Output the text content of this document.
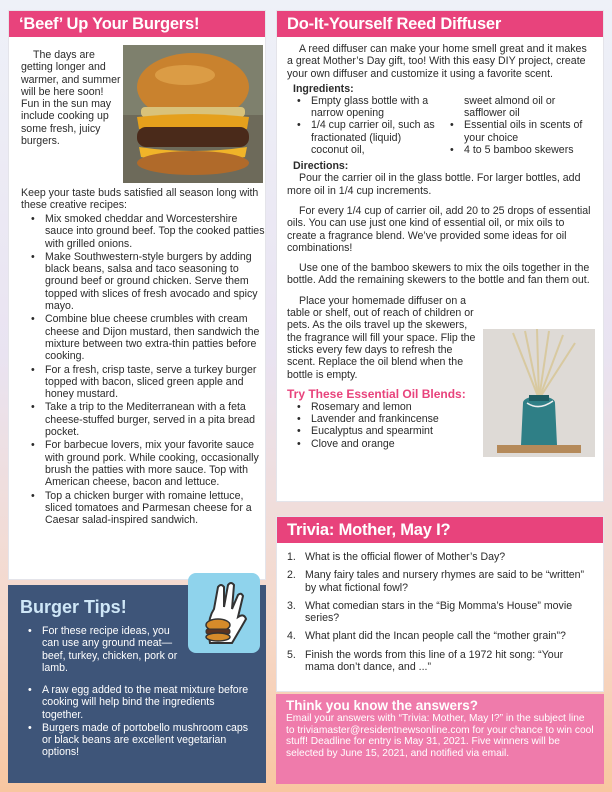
‘Beef’ Up Your Burgers!

The days are getting longer and warmer, and summer will be here soon! Fun in the sun may include cooking up some fresh, juicy burgers.

Keep your taste buds satisfied all season long with these creative recipes:

• Mix smoked cheddar and Worcestershire sauce into ground beef. Top the cooked patties with grilled onions.
• Make Southwestern-style burgers by adding black beans, salsa and taco seasoning to ground beef or ground chicken. Serve them topped with slices of fresh avocado and spicy mayo.
• Combine blue cheese crumbles with cream cheese and Dijon mustard, then sandwich the mixture between two extra-thin patties before cooking.
• For a fresh, crisp taste, serve a turkey burger topped with bacon, sliced green apple and honey mustard.
• Take a trip to the Mediterranean with a feta cheese-stuffed burger, served in a pita bread pocket.
• For barbecue lovers, mix your favorite sauce with ground pork. While cooking, occasionally brush the patties with more sauce. Top with American cheese, bacon and lettuce.
• Top a chicken burger with romaine lettuce, sliced tomatoes and Parmesan cheese for a Caesar salad-inspired sandwich.
Burger Tips!
• For these recipe ideas, you can use any ground meat—beef, turkey, chicken, pork or lamb.
• A raw egg added to the meat mixture before cooking will help bind the ingredients together.
• Burgers made of portobello mushroom caps or black beans are excellent vegetarian options!
Do-It-Yourself Reed Diffuser

A reed diffuser can make your home smell great and it makes a great Mother’s Day gift, too! With this easy DIY project, create your own diffuser and customize it using a favorite scent.

Ingredients:
• Empty glass bottle with a narrow opening
• 1/4 cup carrier oil, such as fractionated (liquid) coconut oil,
sweet almond oil or safflower oil
• Essential oils in scents of your choice
• 4 to 5 bamboo skewers
Directions:

Pour the carrier oil in the glass bottle. For larger bottles, add more oil in 1/4 cup increments.

For every 1/4 cup of carrier oil, add 20 to 25 drops of essential oils. You can use just one kind of essential oil, or mix oils to create a fragrance blend. We’ve provided some ideas for oil combinations!

Use one of the bamboo skewers to mix the oils together in the bottle. Add the remaining skewers to the bottle and fan them out.

Place your homemade diffuser on a table or shelf, out of reach of children or pets. As the oils travel up the skewers, the fragrance will fill your space. Flip the sticks every few days to refresh the scent. Replace the oil blend when the bottle is empty.

Try These Essential Oil Blends:
• Rosemary and lemon
• Lavender and frankincense
• Eucalyptus and spearmint
• Clove and orange
Trivia: Mother, May I?
1. What is the official flower of Mother’s Day?
2. Many fairy tales and nursery rhymes are said to be “written” by what fictional fowl?
3. What comedian stars in the “Big Momma’s House” movie series?
4. What plant did the Incan people call the “mother grain”?
5. Finish the words from this line of a 1972 hit song: “Your mama don’t dance, and ...”
Think you know the answers?

Email your answers with “Trivia: Mother, May I?” in the subject line to triviamaster@residentnewsonline.com for your chance to win cool stuff! Deadline for entry is May 31, 2021. Five winners will be selected by June 15, 2021, and notified via email.
